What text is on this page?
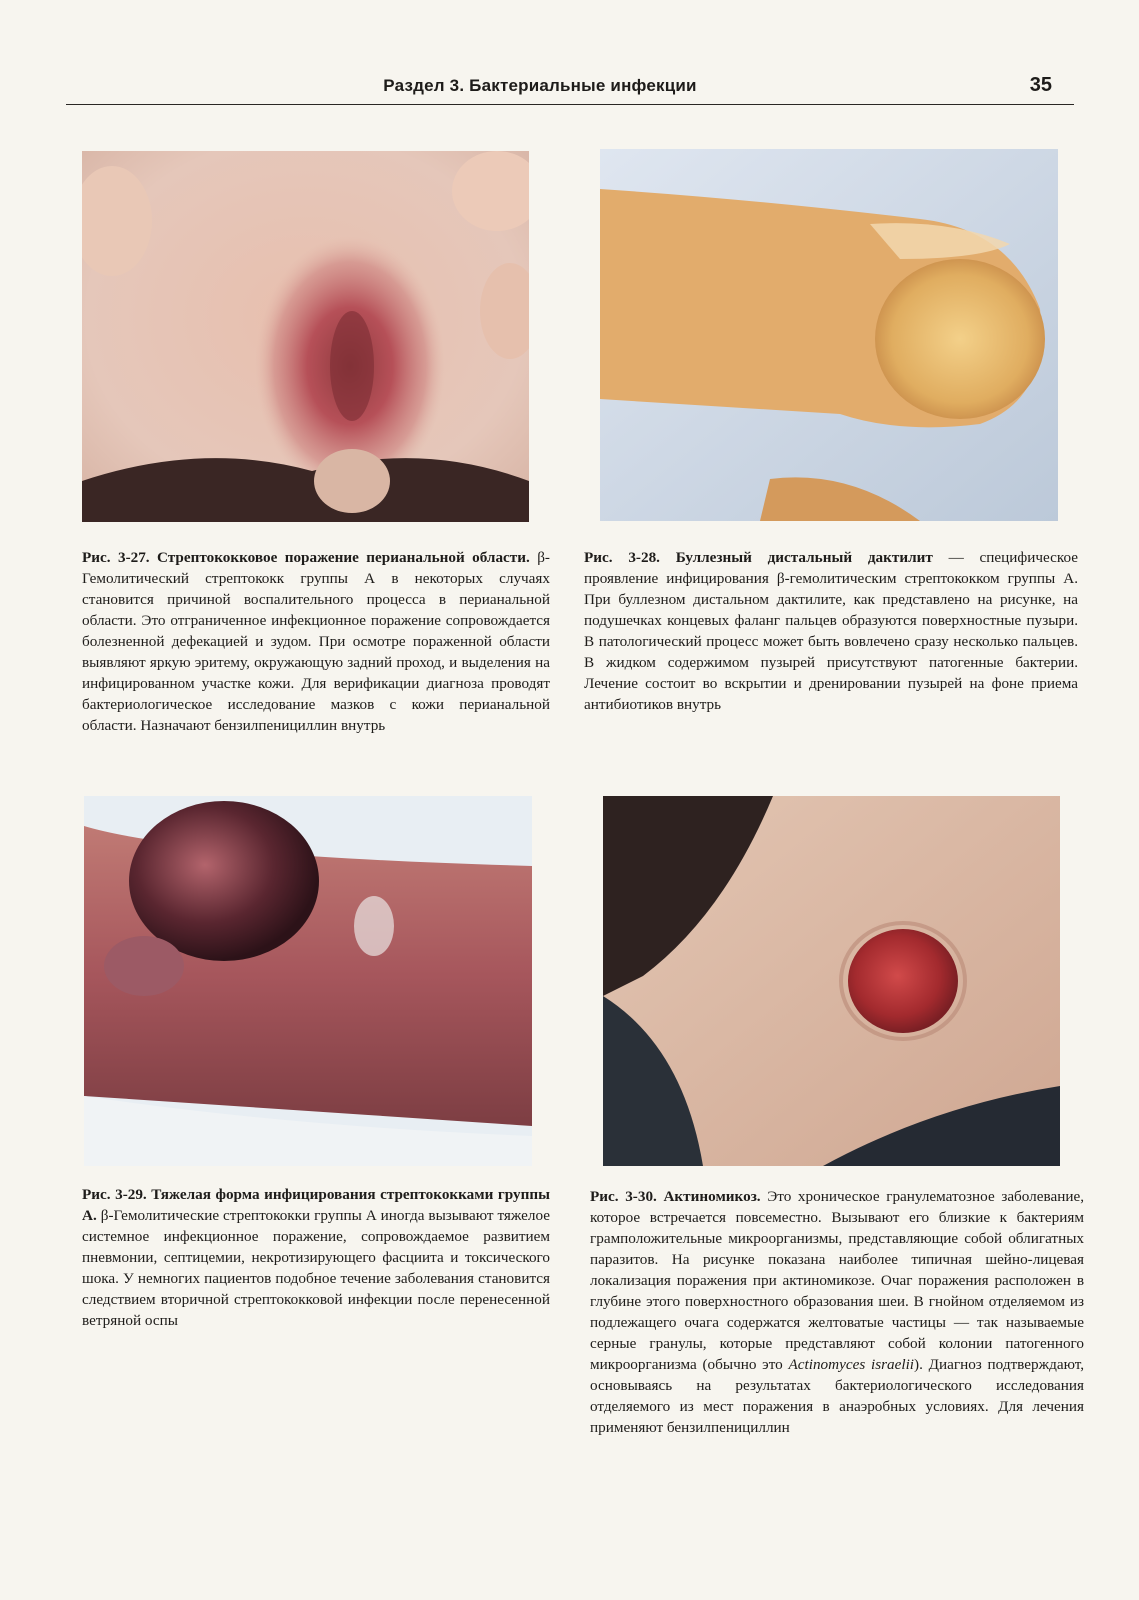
Раздел 3. Бактериальные инфекции	35
Рис. 3-27. Стрептококковое поражение перианальной области. β-Гемолитический стрептококк группы А в некоторых случаях становится причиной воспалительного процесса в перианальной области. Это отграниченное инфекционное поражение сопровождается болезненной дефекацией и зудом. При осмотре пораженной области выявляют яркую эритему, окружающую задний проход, и выделения на инфицированном участке кожи. Для верификации диагноза проводят бактериологическое исследование мазков с кожи перианальной области. Назначают бензилпенициллин внутрь
Рис. 3-28. Буллезный дистальный дактилит — специфическое проявление инфицирования β-гемолитическим стрептококком группы А. При буллезном дистальном дактилите, как представлено на рисунке, на подушечках концевых фаланг пальцев образуются поверхностные пузыри. В патологический процесс может быть вовлечено сразу несколько пальцев. В жидком содержимом пузырей присутствуют патогенные бактерии. Лечение состоит во вскрытии и дренировании пузырей на фоне приема антибиотиков внутрь
Рис. 3-29. Тяжелая форма инфицирования стрептококками группы А. β-Гемолитические стрептококки группы А иногда вызывают тяжелое системное инфекционное поражение, сопровождаемое развитием пневмонии, септицемии, некротизирующего фасциита и токсического шока. У немногих пациентов подобное течение заболевания становится следствием вторичной стрептококковой инфекции после перенесенной ветряной оспы
Рис. 3-30. Актиномикоз. Это хроническое гранулематозное заболевание, которое встречается повсеместно. Вызывают его близкие к бактериям грамположительные микроорганизмы, представляющие собой облигатных паразитов. На рисунке показана наиболее типичная шейно-лицевая локализация поражения при актиномикозе. Очаг поражения расположен в глубине этого поверхностного образования шеи. В гнойном отделяемом из подлежащего очага содержатся желтоватые частицы — так называемые серные гранулы, которые представляют собой колонии патогенного микроорганизма (обычно это Actinomyces israelii). Диагноз подтверждают, основываясь на результатах бактериологического исследования отделяемого из мест поражения в анаэробных условиях. Для лечения применяют бензилпенициллин
